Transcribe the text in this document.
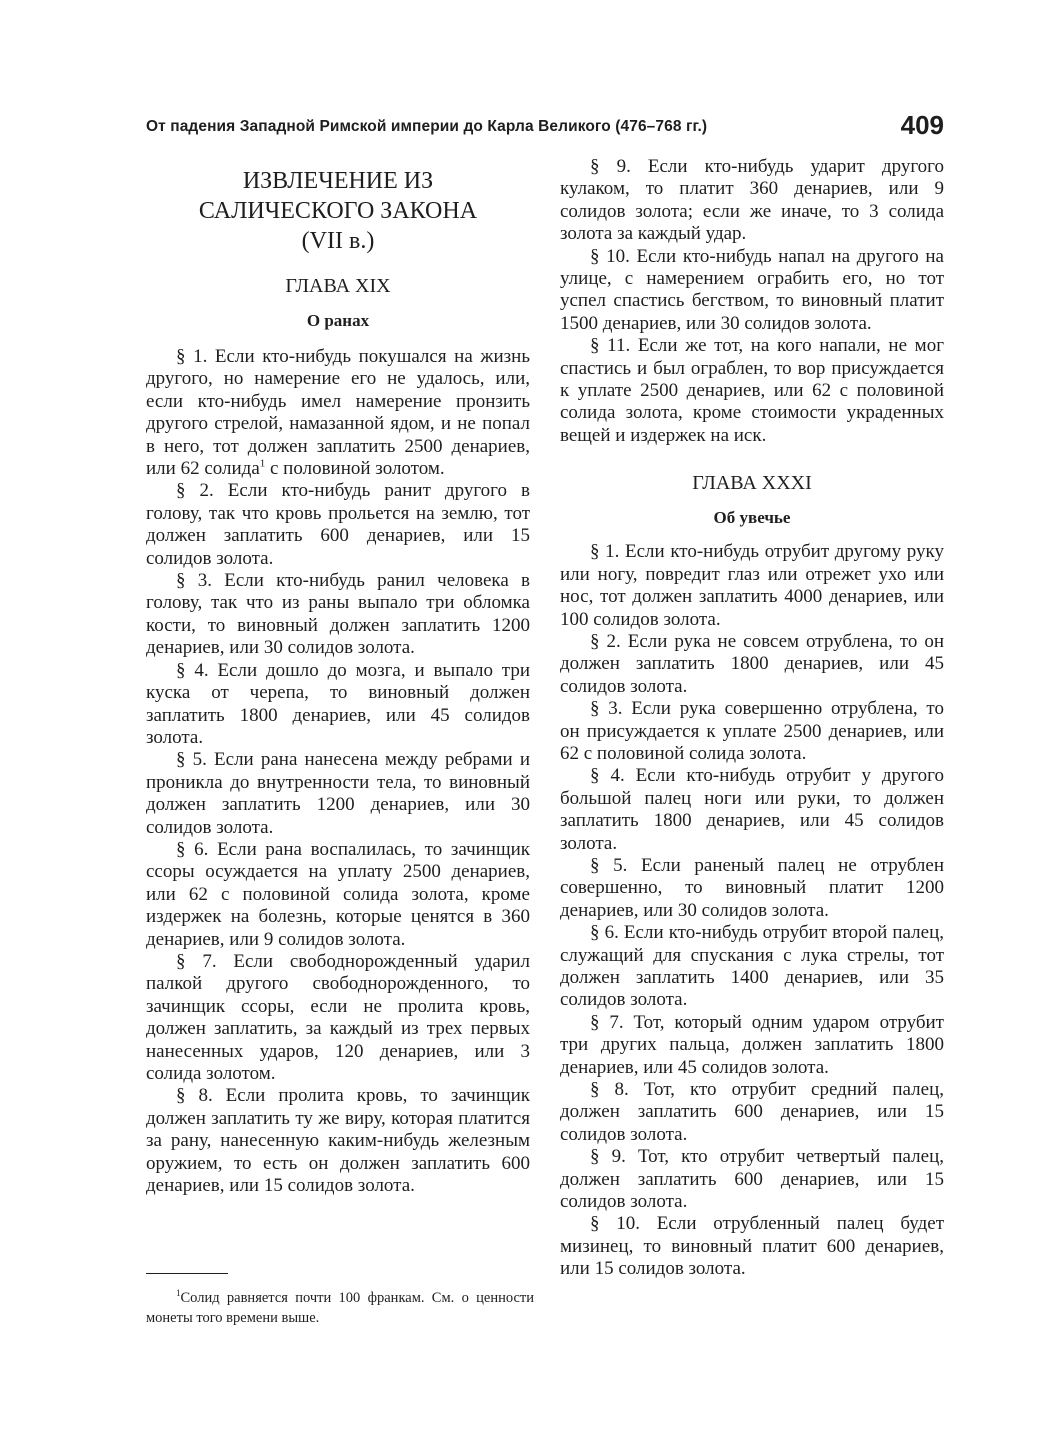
От падения Западной Римской империи до Карла Великого (476–768 гг.)	409
ИЗВЛЕЧЕНИЕ ИЗ
САЛИЧЕСКОГО ЗАКОНА
(VII в.)
ГЛАВА XIX
О ранах

§ 1. Если кто-нибудь покушался на жизнь другого, но намерение его не удалось, или, если кто-нибудь имел намерение пронзить другого стрелой, намазанной ядом, и не попал в него, тот должен заплатить 2500 денариев, или 62 солида$^1$ с половиной золотом.

§ 2. Если кто-нибудь ранит другого в голову, так что кровь прольется на землю, тот должен заплатить 600 денариев, или 15 солидов золота.

§ 3. Если кто-нибудь ранил человека в голову, так что из раны выпало три обломка кости, то виновный должен заплатить 1200 денариев, или 30 солидов золота.

§ 4. Если дошло до мозга, и выпало три куска от черепа, то виновный должен заплатить 1800 денариев, или 45 солидов золота.

§ 5. Если рана нанесена между ребрами и проникла до внутренности тела, то виновный должен заплатить 1200 денариев, или 30 солидов золота.

§ 6. Если рана воспалилась, то зачинщик ссоры осуждается на уплату 2500 денариев, или 62 с половиной солида золота, кроме издержек на болезнь, которые ценятся в 360 денариев, или 9 солидов золота.

§ 7. Если свободнорожденный ударил палкой другого свободнорожденного, то зачинщик ссоры, если не пролита кровь, должен заплатить, за каждый из трех первых нанесенных ударов, 120 денариев, или 3 солида золотом.

§ 8. Если пролита кровь, то зачинщик должен заплатить ту же виру, которая платится за рану, нанесенную каким-нибудь железным оружием, то есть он должен заплатить 600 денариев, или 15 солидов золота.

$^1$Солид равняется почти 100 франкам. См. о ценности монеты того времени выше.

§ 9. Если кто-нибудь ударит другого кулаком, то платит 360 денариев, или 9 солидов золота; если же иначе, то 3 солида золота за каждый удар.

§ 10. Если кто-нибудь напал на другого на улице, с намерением ограбить его, но тот успел спастись бегством, то виновный платит 1500 денариев, или 30 солидов золота.

§ 11. Если же тот, на кого напали, не мог спастись и был ограблен, то вор присуждается к уплате 2500 денариев, или 62 с половиной солида золота, кроме стоимости украденных вещей и издержек на иск.

ГЛАВА XXXI
Об увечье

§ 1. Если кто-нибудь отрубит другому руку или ногу, повредит глаз или отрежет ухо или нос, тот должен заплатить 4000 денариев, или 100 солидов золота.

§ 2. Если рука не совсем отрублена, то он должен заплатить 1800 денариев, или 45 солидов золота.

§ 3. Если рука совершенно отрублена, то он присуждается к уплате 2500 денариев, или 62 с половиной солида золота.

§ 4. Если кто-нибудь отрубит у другого большой палец ноги или руки, то должен заплатить 1800 денариев, или 45 солидов золота.

§ 5. Если раненый палец не отрублен совершенно, то виновный платит 1200 денариев, или 30 солидов золота.

§ 6. Если кто-нибудь отрубит второй палец, служащий для спускания с лука стрелы, тот должен заплатить 1400 денариев, или 35 солидов золота.

§ 7. Тот, который одним ударом отрубит три других пальца, должен заплатить 1800 денариев, или 45 солидов золота.

§ 8. Тот, кто отрубит средний палец, должен заплатить 600 денариев, или 15 солидов золота.

§ 9. Тот, кто отрубит четвертый палец, должен заплатить 600 денариев, или 15 солидов золота.

§ 10. Если отрубленный палец будет мизинец, то виновный платит 600 денариев, или 15 солидов золота.
